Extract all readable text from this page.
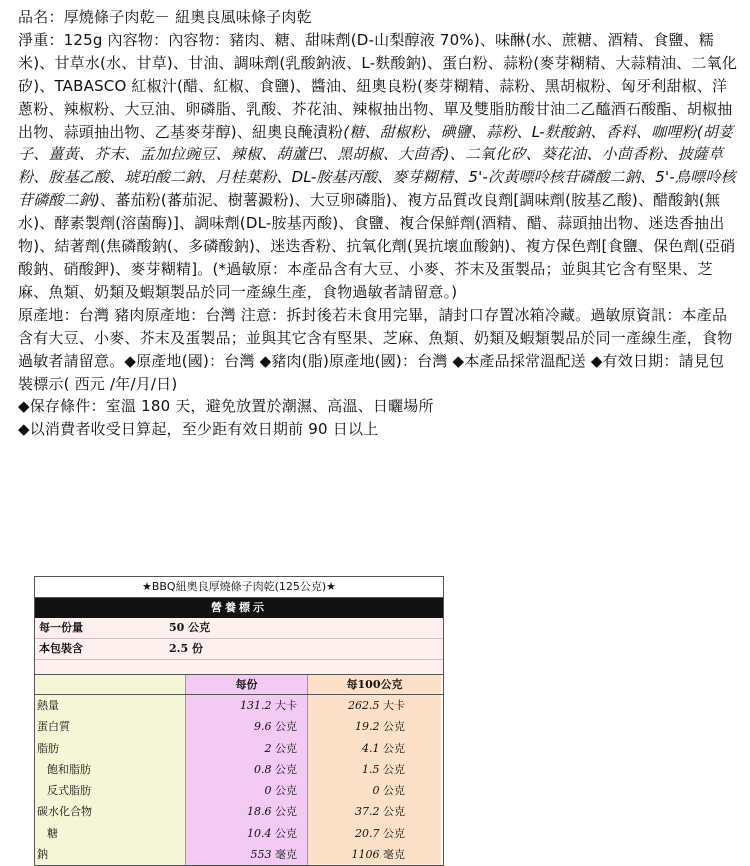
品名：厚燒條子肉乾－ 紐奧良風味條子肉乾

淨重：125g 內容物：內容物：豬肉、糖、甜味劑(D-山梨醇液 70%)、味醂(水、蔗糖、酒精、食鹽、糯米)、甘草水(水、甘草)、甘油、調味劑(乳酸鈉液、L-麩酸鈉)、蛋白粉、蒜粉(麥芽糊精、大蒜精油、二氧化矽)、TABASCO 紅椒汁(醋、紅椒、食鹽)、醬油、紐奧良粉(麥芽糊精、蒜粉、黑胡椒粉、匈牙利甜椒、洋蔥粉、辣椒粉、大豆油、卵磷脂、乳酸、芥花油、辣椒抽出物、單及雙脂肪酸甘油二乙醯酒石酸酯、胡椒抽出物、蒜頭抽出物、乙基麥芽醇)、紐奧良醃漬粉(糖、甜椒粉、碘鹽、蒜粉、L-麩酸鈉、香料、咖哩粉(胡荽子、薑黃、芥末、孟加拉豌豆、辣椒、葫蘆巴、黑胡椒、大茴香)、二氧化矽、葵花油、小茴香粉、披薩草粉、胺基乙酸、琥珀酸二鈉、月桂葉粉、DL-胺基丙酸、麥芽糊精、5'-次黃嘌呤核苷磷酸二鈉、5'-鳥嘌呤核苷磷酸二鈉)、蕃茄粉(蕃茄泥、樹薯澱粉)、大豆卵磷脂)、複方品質改良劑[調味劑(胺基乙酸)、醋酸鈉(無水)、酵素製劑(溶菌酶)]、調味劑(DL-胺基丙酸)、食鹽、複合保鮮劑(酒精、醋、蒜頭抽出物、迷迭香抽出物)、結著劑(焦磷酸鈉(、多磷酸鈉)、迷迭香粉、抗氧化劑(異抗壞血酸鈉)、複方保色劑[食鹽、保色劑(亞硝酸鈉、硝酸鉀)、麥芽糊精]。(*過敏原：本產品含有大豆、小麥、芥末及蛋製品；並與其它含有堅果、芝麻、魚類、奶類及蝦類製品於同一產線生產，食物過敏者請留意。)

原產地：台灣 豬肉原產地：台灣 注意：拆封後若未食用完畢，請封口存置冰箱冷藏。過敏原資訊：本產品含有大豆、小麥、芥末及蛋製品；並與其它含有堅果、芝麻、魚類、奶類及蝦類製品於同一產線生產，食物過敏者請留意。◆原產地(國)：台灣 ◆豬肉(脂)原產地(國)：台灣 ◆本產品採常溫配送 ◆有效日期：請見包裝標示( 西元 /年/月/日)

◆保存條件：室溫 180 天，避免放置於潮濕、高溫、日曬場所

◆以消費者收受日算起，至少距有效日期前 90 日以上

★BBQ紐奧良厚燒條子肉乾(125公克)★
營養標示
每一份量	50 公克
本包裝含	2.5 份
每份	每100公克
熱量	131.2 大卡	262.5 大卡
蛋白質	9.6 公克	19.2 公克
脂肪	2 公克	4.1 公克
飽和脂肪	0.8 公克	1.5 公克
反式脂肪	0 公克	0 公克
碳水化合物	18.6 公克	37.2 公克
糖	10.4 公克	20.7 公克
鈉	553 毫克	1106 毫克
